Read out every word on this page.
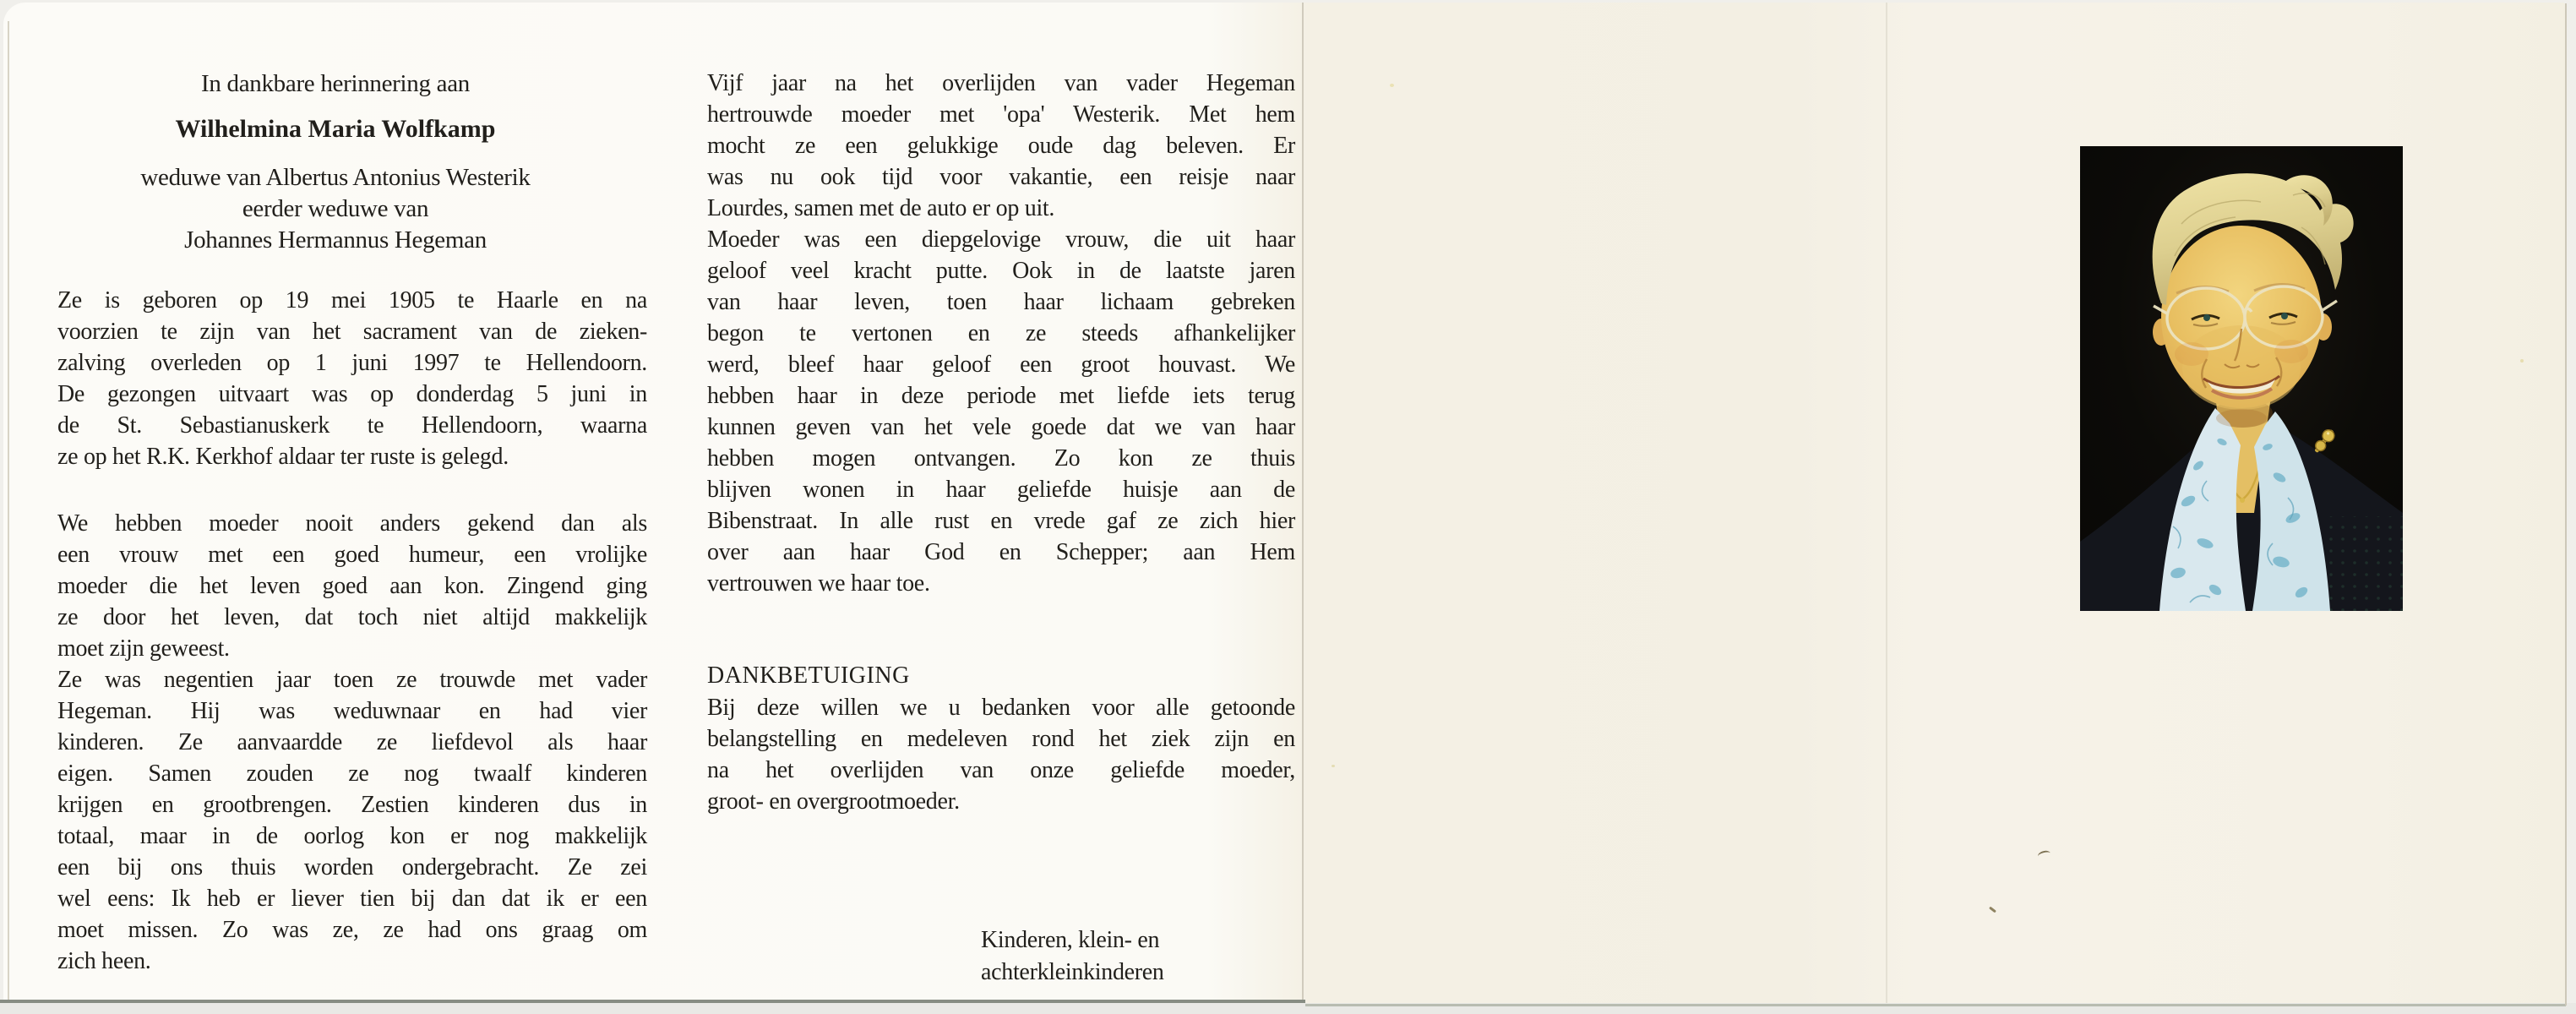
In dankbare herinnering aan
Wilhelmina Maria Wolfkamp
weduwe van Albertus Antonius Westerik
eerder weduwe van
Johannes Hermannus Hegeman
Ze is geboren op 19 mei 1905 te Haarle en na
voorzien te zijn van het sacrament van de zieken-
zalving overleden op 1 juni 1997 te Hellendoorn.
De gezongen uitvaart was op donderdag 5 juni in
de St. Sebastianuskerk te Hellendoorn, waarna
ze op het R.K. Kerkhof aldaar ter ruste is gelegd.
We hebben moeder nooit anders gekend dan als
een vrouw met een goed humeur, een vrolijke
moeder die het leven goed aan kon. Zingend ging
ze door het leven, dat toch niet altijd makkelijk
moet zijn geweest.
Ze was negentien jaar toen ze trouwde met vader
Hegeman. Hij was weduwnaar en had vier
kinderen. Ze aanvaardde ze liefdevol als haar
eigen. Samen zouden ze nog twaalf kinderen
krijgen en grootbrengen. Zestien kinderen dus in
totaal, maar in de oorlog kon er nog makkelijk
een bij ons thuis worden ondergebracht. Ze zei
wel eens: Ik heb er liever tien bij dan dat ik er een
moet missen. Zo was ze, ze had ons graag om
zich heen.
Vijf jaar na het overlijden van vader Hegeman
hertrouwde moeder met 'opa' Westerik. Met hem
mocht ze een gelukkige oude dag beleven. Er
was nu ook tijd voor vakantie, een reisje naar
Lourdes, samen met de auto er op uit.
Moeder was een diepgelovige vrouw, die uit haar
geloof veel kracht putte. Ook in de laatste jaren
van haar leven, toen haar lichaam gebreken
begon te vertonen en ze steeds afhankelijker
werd, bleef haar geloof een groot houvast. We
hebben haar in deze periode met liefde iets terug
kunnen geven van het vele goede dat we van haar
hebben mogen ontvangen. Zo kon ze thuis
blijven wonen in haar geliefde huisje aan de
Bibenstraat. In alle rust en vrede gaf ze zich hier
over aan haar God en Schepper; aan Hem
vertrouwen we haar toe.
DANKBETUIGING
Bij deze willen we u bedanken voor alle getoonde
belangstelling en medeleven rond het ziek zijn en
na het overlijden van onze geliefde moeder,
groot- en overgrootmoeder.
Kinderen, klein- en
achterkleinkinderen
